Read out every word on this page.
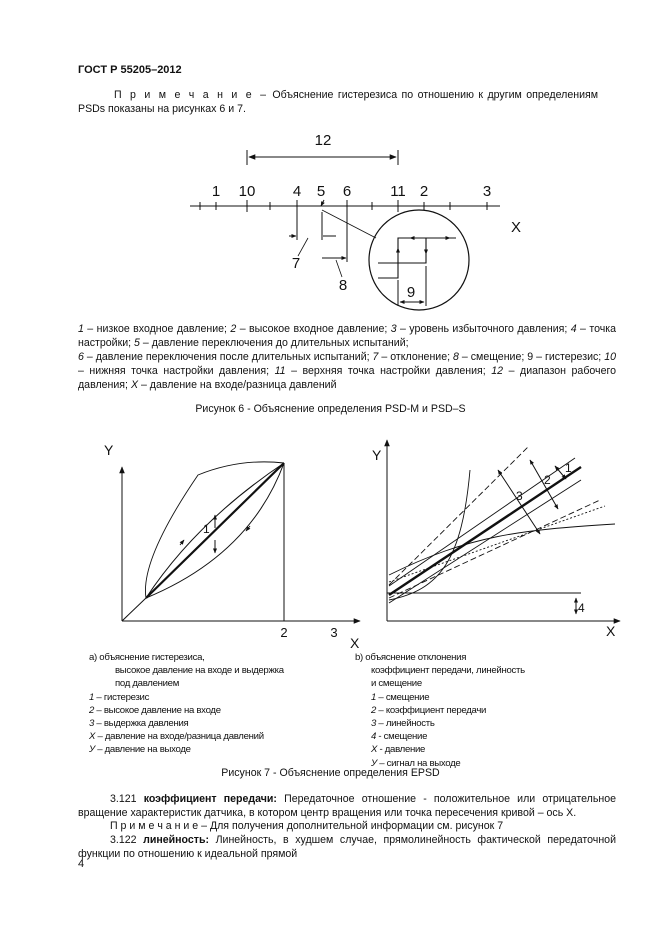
ГОСТ Р 55205–2012
П р и м е ч а н и е – Объяснение гистерезиса по отношению к другим определениям PSDs показаны на рисунках 6 и 7.
12
1 10 4 5 6	11 2	3
X
7
8	9
Y
X
2	3
1
Y
X
4
1
2
3
1 – низкое входное давление; 2 – высокое входное давление; 3 – уровень избыточного давления; 4 – точка настройки; 5 – давление переключения до длительных испытаний;
6 – давление переключения после длительных испытаний; 7 – отклонение; 8 – смещение; 9 – гистерезис; 10 – нижняя точка настройки давления; 11 – верхняя точка настройки давления; 12 – диапазон рабочего давления; X – давление на входе/разница давлений
Рисунок 6 - Объяснение определения PSD-M и PSD–S
а) объяснение гистерезиса,
высокое давление на входе и выдержка
под давлением
1 – гистерезис
2 – высокое давление на входе
3 – выдержка давления
X – давление на входе/разница давлений
У – давление на выходе
b) объяснение отклонения
коэффициент передачи, линейность
и смещение
1 – смещение
2 – коэффициент передачи
3 – линейность
4 - смещение
X - давление
У – сигнал на выходе
Рисунок 7 - Объяснение определения EPSD
3.121 коэффициент передачи: Передаточное отношение - положительное или отрицательное вращение характеристик датчика, в котором центр вращения или точка пересечения кривой – ось X.
П р и м е ч а н и е – Для получения дополнительной информации см. рисунок 7
3.122 линейность: Линейность, в худшем случае, прямолинейность фактической передаточной функции по отношению к идеальной прямой
4
